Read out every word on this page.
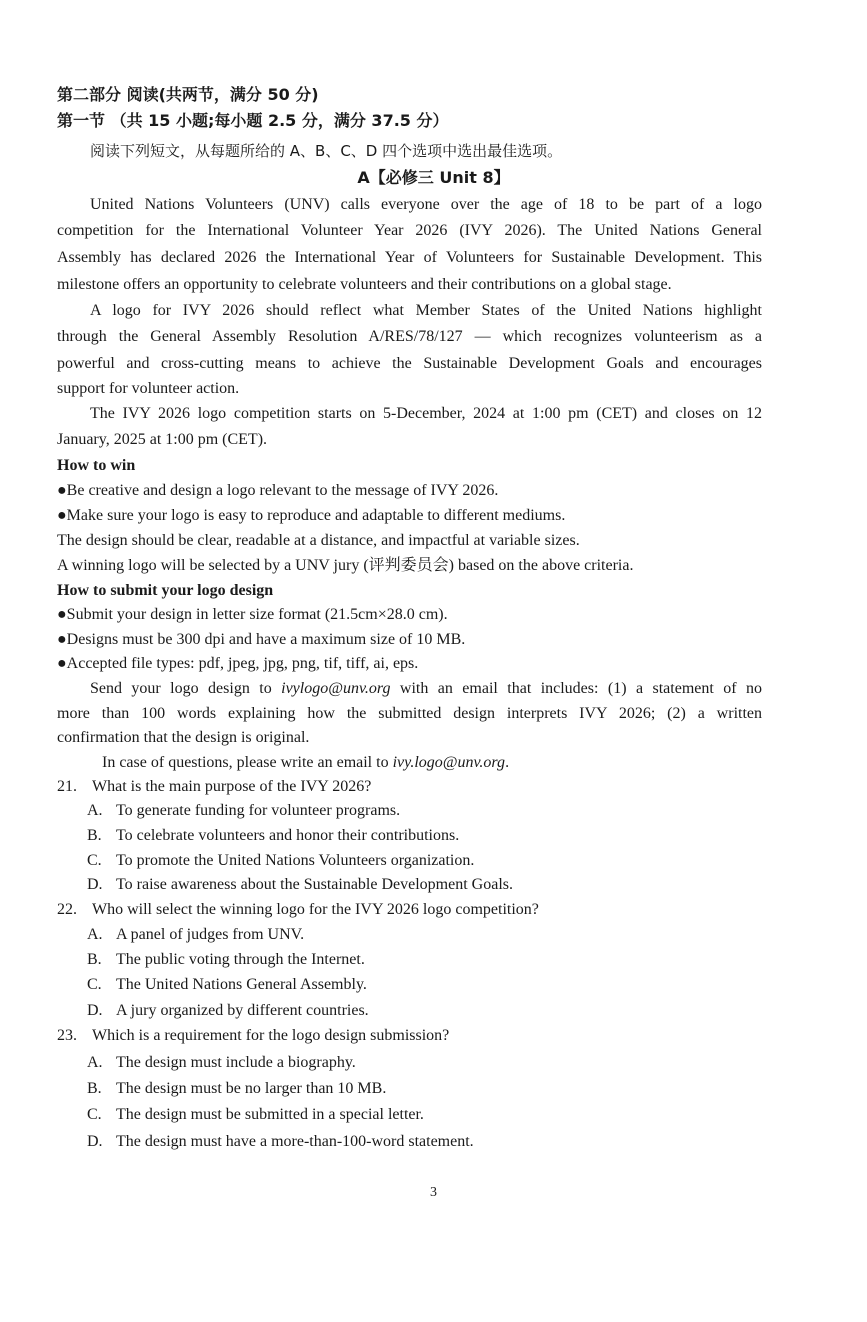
第二部分 阅读(共两节，满分 50 分)
第一节 （共 15 小题;每小题 2.5 分，满分 37.5 分）
阅读下列短文，从每题所给的 A、B、C、D 四个选项中选出最佳选项。
A【必修三 Unit 8】
United Nations Volunteers (UNV) calls everyone over the age of 18 to be part of a logo
competition for the International Volunteer Year 2026 (IVY 2026). The United Nations General
Assembly has declared 2026 the International Year of Volunteers for Sustainable Development. This
milestone offers an opportunity to celebrate volunteers and their contributions on a global stage.
A logo for IVY 2026 should reflect what Member States of the United Nations highlight
through the General Assembly Resolution A/RES/78/127 — which recognizes volunteerism as a
powerful and cross-cutting means to achieve the Sustainable Development Goals and encourages
support for volunteer action.
The IVY 2026 logo competition starts on 5-December, 2024 at 1:00 pm (CET) and closes on 12
January, 2025 at 1:00 pm (CET).
How to win
●Be creative and design a logo relevant to the message of IVY 2026.
●Make sure your logo is easy to reproduce and adaptable to different mediums.
The design should be clear, readable at a distance, and impactful at variable sizes.
A winning logo will be selected by a UNV jury (评判委员会) based on the above criteria.
How to submit your logo design
●Submit your design in letter size format (21.5cm×28.0 cm).
●Designs must be 300 dpi and have a maximum size of 10 MB.
●Accepted file types: pdf, jpeg, jpg, png, tif, tiff, ai, eps.
Send your logo design to ivylogo@unv.org with an email that includes: (1) a statement of no
more than 100 words explaining how the submitted design interprets IVY 2026; (2) a written
confirmation that the design is original.
In case of questions, please write an email to ivy.logo@unv.org.
21. What is the main purpose of the IVY 2026?
A. To generate funding for volunteer programs.
B. To celebrate volunteers and honor their contributions.
C. To promote the United Nations Volunteers organization.
D. To raise awareness about the Sustainable Development Goals.
22. Who will select the winning logo for the IVY 2026 logo competition?
A. A panel of judges from UNV.
B. The public voting through the Internet.
C. The United Nations General Assembly.
D. A jury organized by different countries.
23. Which is a requirement for the logo design submission?
A. The design must include a biography.
B. The design must be no larger than 10 MB.
C. The design must be submitted in a special letter.
D. The design must have a more-than-100-word statement.
3
